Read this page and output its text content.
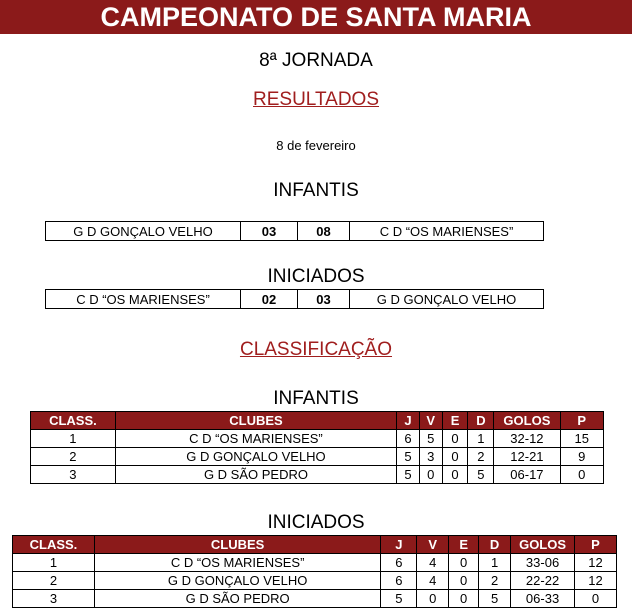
CAMPEONATO DE SANTA MARIA
8ª JORNADA
RESULTADOS
8 de fevereiro
INFANTIS
G D GONÇALO VELHO	03	08	C D “OS MARIENSES”
INICIADOS
C D “OS MARIENSES”	02	03	G D GONÇALO VELHO
CLASSIFICAÇÃO
INFANTIS
CLASS.	CLUBES	J	V	E	D	GOLOS	P
1	C D “OS MARIENSES”	6	5	0	1	32-12	15
2	G D GONÇALO VELHO	5	3	0	2	12-21	9
3	G D SÃO PEDRO	5	0	0	5	06-17	0
INICIADOS
CLASS.	CLUBES	J	V	E	D	GOLOS	P
1	C D “OS MARIENSES”	6	4	0	1	33-06	12
2	G D GONÇALO VELHO	6	4	0	2	22-22	12
3	G D SÃO PEDRO	5	0	0	5	06-33	0
